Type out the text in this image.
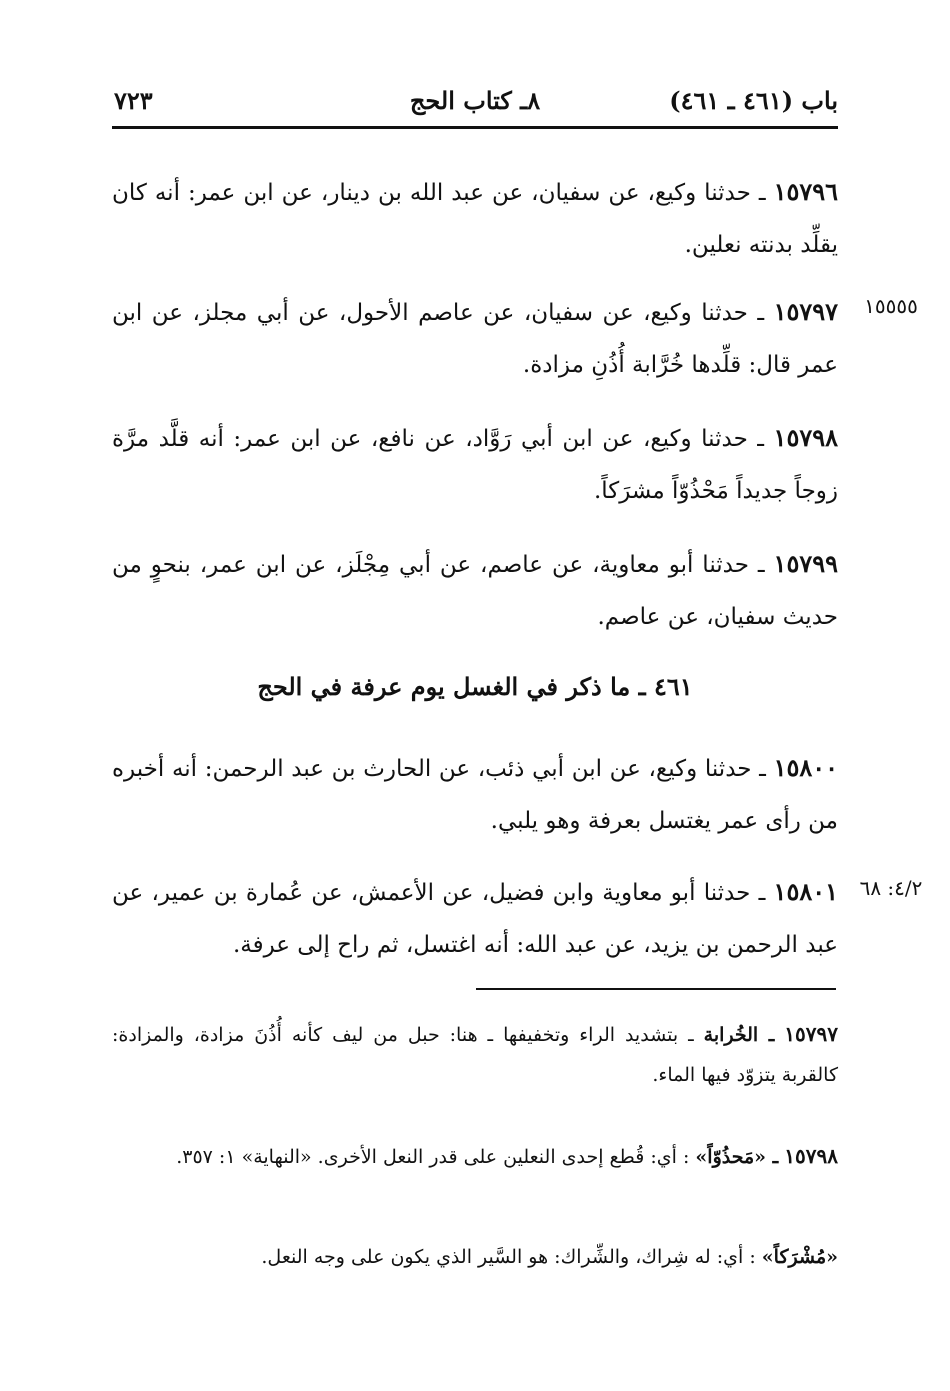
باب (٤٦١ ـ ٤٦١)
٨ـ كتاب الحج
٧٢٣
١٥٧٩٦ ـ حدثنا وكيع، عن سفيان، عن عبد الله بن دينار، عن ابن عمر: أنه كان يقلِّد بدنته نعلين.
١٥٥٥٥
١٥٧٩٧ ـ حدثنا وكيع، عن سفيان، عن عاصم الأحول، عن أبي مجلز، عن ابن عمر قال: قلِّدها خُرَّابة أُذُنِ مزادة.
١٥٧٩٨ ـ حدثنا وكيع، عن ابن أبي رَوَّاد، عن نافع، عن ابن عمر: أنه قلَّد مرَّة زوجاً جديداً مَحْذُوّاً مشرَكاً.
١٥٧٩٩ ـ حدثنا أبو معاوية، عن عاصم، عن أبي مِجْلَز، عن ابن عمر، بنحوٍ من حديث سفيان، عن عاصم.
٤٦١ ـ ما ذكر في الغسل يوم عرفة في الحج
١٥٨٠٠ ـ حدثنا وكيع، عن ابن أبي ذئب، عن الحارث بن عبد الرحمن: أنه أخبره من رأى عمر يغتسل بعرفة وهو يلبي.
٤/٢: ٦٨
١٥٨٠١ ـ حدثنا أبو معاوية وابن فضيل، عن الأعمش، عن عُمارة بن عمير، عن عبد الرحمن بن يزيد، عن عبد الله: أنه اغتسل، ثم راح إلى عرفة.
١٥٧٩٧ ـ الخُرابة ـ بتشديد الراء وتخفيفها ـ هنا: حبل من ليف كأنه أُذُنَ مزادة، والمزادة: كالقربة يتزوّد فيها الماء.
١٥٧٩٨ ـ «مَحذُوّاً» : أي: قُطع إحدى النعلين على قدر النعل الأخرى. «النهاية» ١: ٣٥٧.
«مُشْرَكاً» : أي: له شِراك، والشِّراك: هو السَّير الذي يكون على وجه النعل.
